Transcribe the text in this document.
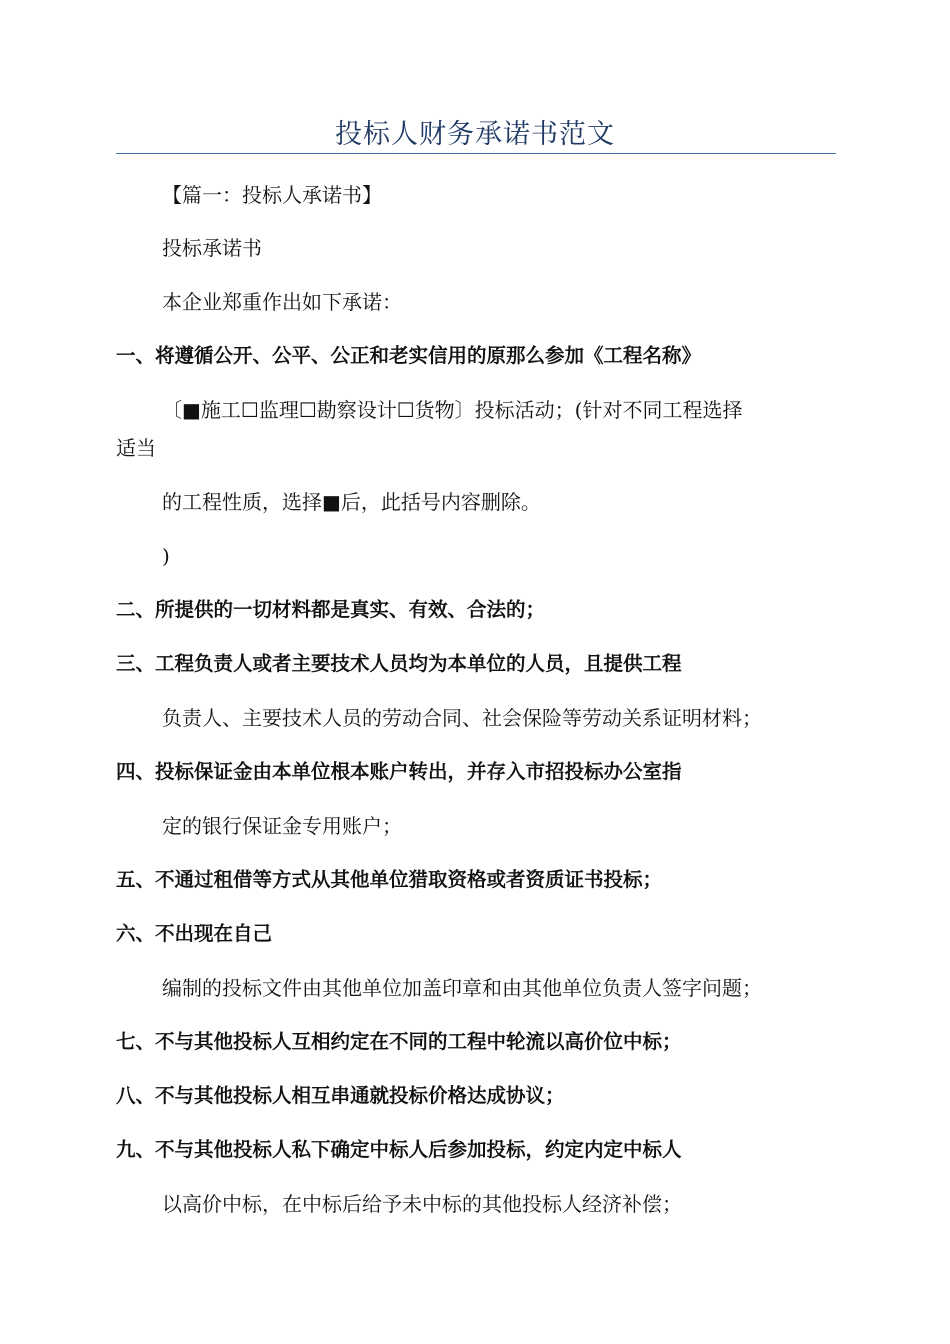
投标人财务承诺书范文
【篇一：投标人承诺书】
投标承诺书
本企业郑重作出如下承诺：
一、将遵循公开、公平、公正和老实信用的原那么参加《工程名称》
〔■施工☐监理☐勘察设计☐货物〕投标活动；(针对不同工程选择
适当
的工程性质，选择■后，此括号内容删除。
)
二、所提供的一切材料都是真实、有效、合法的；
三、工程负责人或者主要技术人员均为本单位的人员，且提供工程
负责人、主要技术人员的劳动合同、社会保险等劳动关系证明材料；
四、投标保证金由本单位根本账户转出，并存入市招投标办公室指
定的银行保证金专用账户；
五、不通过租借等方式从其他单位猎取资格或者资质证书投标；
六、不出现在自己
编制的投标文件由其他单位加盖印章和由其他单位负责人签字问题；
七、不与其他投标人互相约定在不同的工程中轮流以高价位中标；
八、不与其他投标人相互串通就投标价格达成协议；
九、不与其他投标人私下确定中标人后参加投标，约定内定中标人
以高价中标，在中标后给予未中标的其他投标人经济补偿；
